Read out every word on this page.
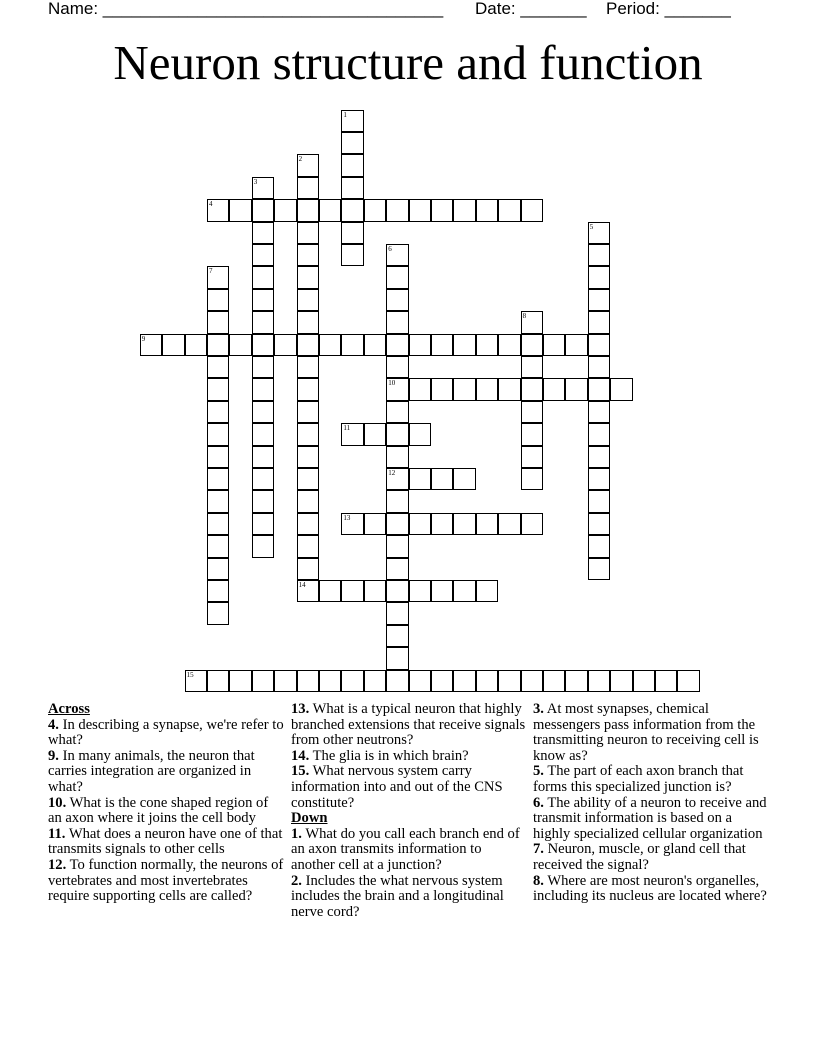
Name: ____________________________________ Date: _______ Period: _______
Neuron structure and function
1
2
14
3
4
5
6
10
12
7
8
9
11
13
15
Across
4. In describing a synapse, we're refer to what?
9. In many animals, the neuron that carries integration are organized in what?
10. What is the cone shaped region of an axon where it joins the cell body
11. What does a neuron have one of that transmits signals to other cells
12. To function normally, the neurons of vertebrates and most invertebrates require supporting cells are called?
13. What is a typical neuron that highly branched extensions that receive signals from other neutrons?
14. The glia is in which brain?
15. What nervous system carry information into and out of the CNS constitute?
Down
1. What do you call each branch end of an axon transmits information to another cell at a junction?
2. Includes the what nervous system includes the brain and a longitudinal nerve cord?
3. At most synapses, chemical messengers pass information from the transmitting neuron to receiving cell is know as?
5. The part of each axon branch that forms this specialized junction is?
6. The ability of a neuron to receive and transmit information is based on a highly specialized cellular organization
7. Neuron, muscle, or gland cell that received the signal?
8. Where are most neuron's organelles, including its nucleus are located where?
